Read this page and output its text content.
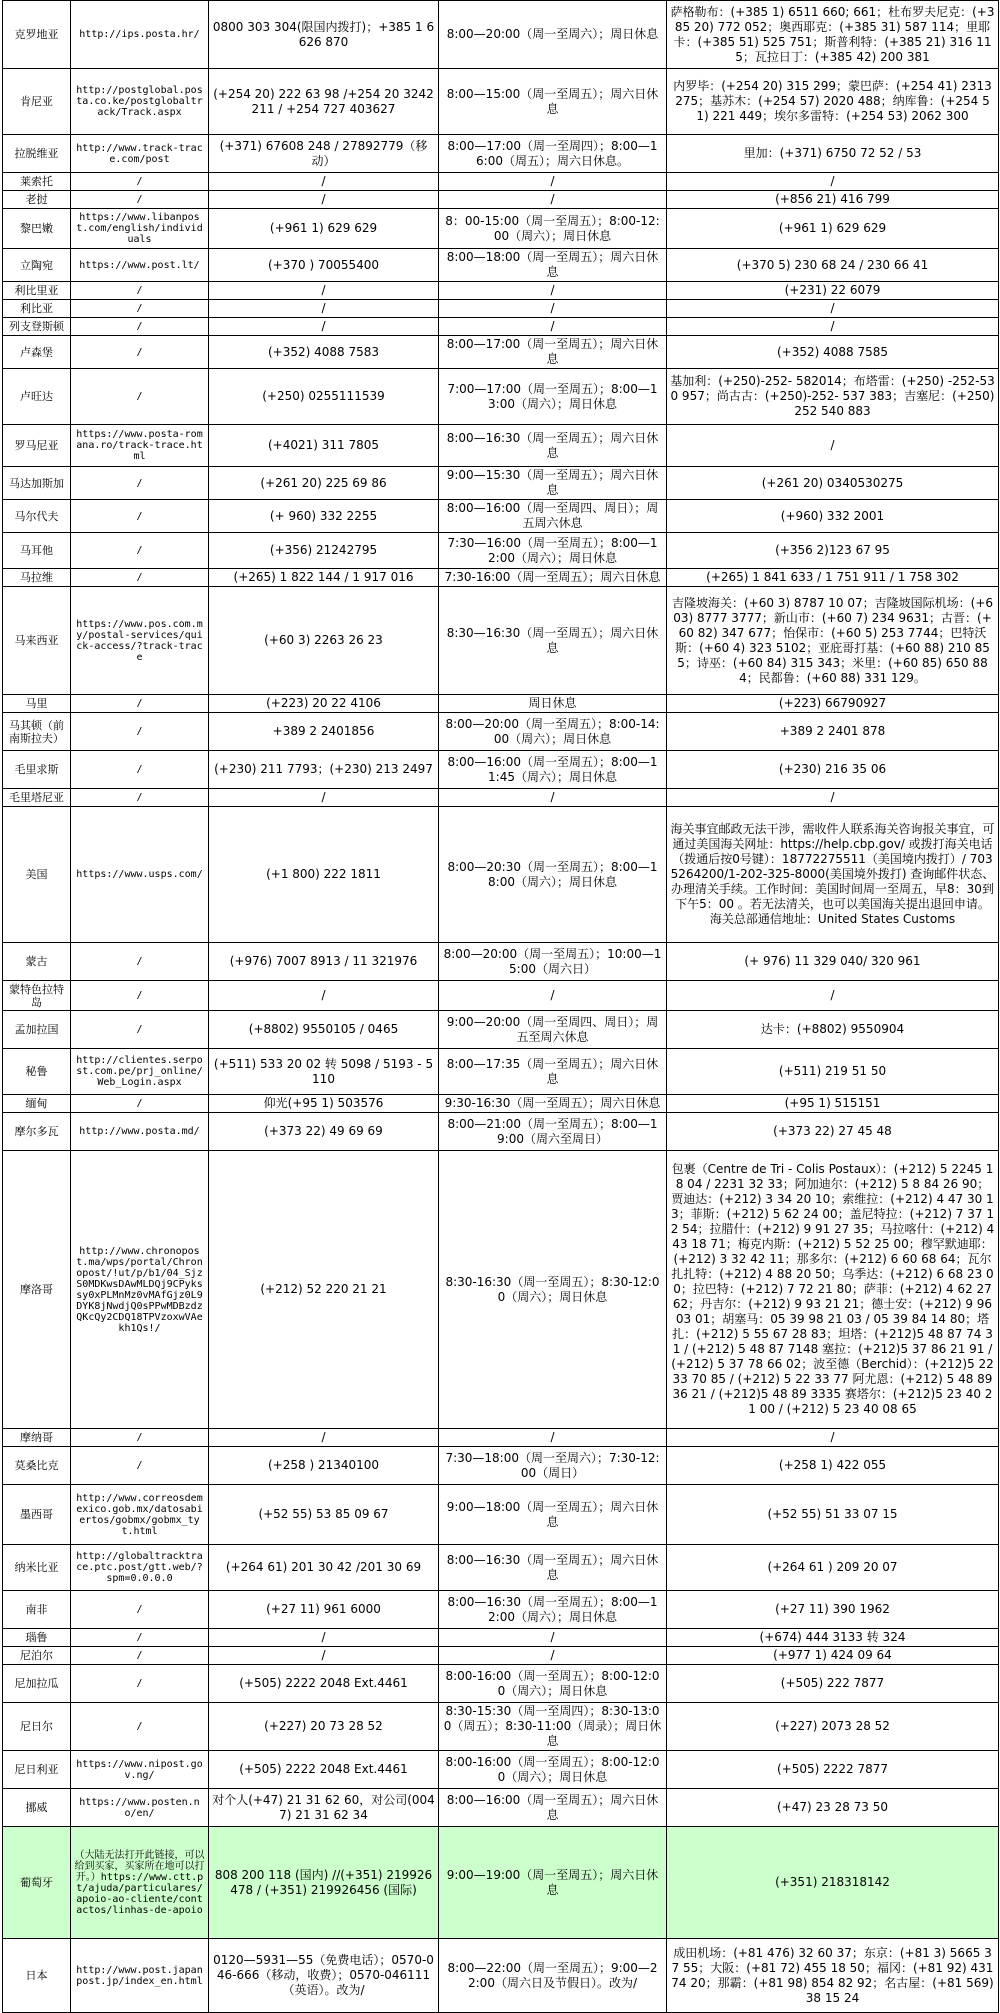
克罗地亚	http://ips.posta.hr/	0800 303 304(限国内拨打)；+385 1 6626 870	8:00—20:00（周一至周六）；周日休息	萨格勒布：(+385 1) 6511 660; 661；杜布罗夫尼克：(+385 20) 772 052；奥西耶克：(+385 31) 587 114；里耶卡：(+385 51) 525 751；斯普利特：(+385 21) 316 115；瓦拉日丁：(+385 42) 200 381
肯尼亚	http://postglobal.posta.co.ke/postglobaltrack/Track.aspx	(+254 20) 222 63 98 /+254 20 3242211 / +254 727 403627	8:00—15:00（周一至周五）；周六日休息	内罗毕：(+254 20) 315 299；蒙巴萨：(+254 41) 2313 275；基苏木：(+254 57) 2020 488；纳库鲁：(+254 51) 221 449；埃尔多雷特：(+254 53) 2062 300
拉脱维亚	http://www.track-trace.com/post	(+371) 67608 248 / 27892779（移动）	8:00—17:00（周一至周四）；8:00—16:00（周五）；周六日休息。	里加：(+371) 6750 72 52 / 53
莱索托	/	/	/	/
老挝	/	/	/	(+856 21) 416 799
黎巴嫩	https://www.libanpost.com/english/individuals	(+961 1) 629 629	8：00-15:00（周一至周五）；8:00-12:00（周六）；周日休息	(+961 1) 629 629
立陶宛	https://www.post.lt/	(+370 ) 70055400	8:00—18:00（周一至周五）；周六日休息	(+370 5) 230 68 24 / 230 66 41
利比里亚	/	/	/	(+231) 22 6079
利比亚	/	/	/	/
列支登斯顿	/	/	/	/
卢森堡	/	(+352) 4088 7583	8:00—17:00（周一至周五）；周六日休息	(+352) 4088 7585
卢旺达	/	(+250) 0255111539	7:00—17:00（周一至周五）；8:00—13:00（周六）；周日休息	基加利：(+250)-252- 582014；布塔雷：(+250) -252-530 957；尚古古：(+250)-252- 537 383；吉塞尼：(+250) 252 540 883
罗马尼亚	https://www.posta-romana.ro/track-trace.html	(+4021) 311 7805	8:00—16:30（周一至周五）；周六日休息	/
马达加斯加	/	(+261 20) 225 69 86	9:00—15:30（周一至周五）；周六日休息	(+261 20) 0340530275
马尔代夫	/	(+ 960) 332 2255	8:00—16:00（周一至周四、周日）；周五周六休息	(+960) 332 2001
马耳他	/	(+356) 21242795	7:30—16:00（周一至周五）；8:00—12:00（周六）；周日休息	(+356 2)123 67 95
马拉维	/	(+265) 1 822 144 / 1 917 016	7:30-16:00（周一至周五）；周六日休息	(+265) 1 841 633 / 1 751 911 / 1 758 302
马来西亚	https://www.pos.com.my/postal-services/quick-access/?track-trace	(+60 3) 2263 26 23	8:30—16:30（周一至周五）；周六日休息	吉隆坡海关：(+60 3) 8787 10 07；吉隆坡国际机场：(+603) 8777 3777；新山市：(+60 7) 234 9631；古晋：(+60 82) 347 677；怡保市：(+60 5) 253 7744；巴特沃斯：(+60 4) 323 5102；亚庇哥打基：(+60 88) 210 855；诗巫：(+60 84) 315 343；米里：(+60 85) 650 884；民都鲁：(+60 88) 331 129。
马里	/	(+223) 20 22 4106	周日休息	(+223) 66790927
马其顿（前南斯拉夫）	/	+389 2 2401856	8:00—20:00（周一至周五）；8:00-14:00（周六）；周日休息	+389 2 2401 878
毛里求斯	/	(+230) 211 7793；(+230) 213 2497	8:00—16:00（周一至周五）；8:00—11:45（周六）；周日休息	(+230) 216 35 06
毛里塔尼亚	/	/	/	/
美国	https://www.usps.com/	(+1 800) 222 1811	8:00—20:30（周一至周五）；8:00—18:00（周六）；周日休息	海关事宜邮政无法干涉，需收件人联系海关咨询报关事宜，可通过美国海关网址：https://help.cbp.gov/ 或拨打海关电话（拨通后按0号键）：18772275511（美国境内拨打）/ 7035264200/1-202-325-8000(美国境外拨打) 查询邮件状态、办理清关手续。工作时间：美国时间周一至周五，早8：30到下午5：00 。若无法清关，也可以美国海关提出退回申请。海关总部通信地址：United States Customs
蒙古	/	(+976) 7007 8913 / 11 321976	8:00—20:00（周一至周五）；10:00—15:00（周六日）	(+ 976) 11 329 040/ 320 961
蒙特色拉特岛	/	/	/	/
孟加拉国	/	(+8802) 9550105 / 0465	9:00—20:00（周一至周四、周日）；周五至周六休息	达卡：(+8802) 9550904
秘鲁	http://clientes.serpost.com.pe/prj_online/Web_Login.aspx	(+511) 533 20 02 转 5098 / 5193 - 5110	8:00—17:35（周一至周五）；周六日休息	(+511) 219 51 50
缅甸	/	仰光(+95 1) 503576	9:30-16:30（周一至周五）；周六日休息	(+95 1) 515151
摩尔多瓦	http://www.posta.md/	(+373 22) 49 69 69	8:00—21:00（周一至周五）；8:00—19:00（周六至周日）	(+373 22) 27 45 48
摩洛哥	http://www.chronopost.ma/wps/portal/Chronopost/!ut/p/b1/04_SjzS0MDKwsDAwMLDQj9CPykssy0xPLMnMz0vMAfGjz0L9DYK8jNwdjQ0sPPwMDBzdzQKcQy2CDQ18TPVzoxwVAekh1Qs!/	(+212) 52 220 21 21	8:30-16:30（周一至周五）；8:30-12:00（周六）；周日休息	包裹（Centre de Tri - Colis Postaux）：(+212) 5 2245 18 04 / 2231 32 33；阿加迪尔：(+212) 5 8 84 26 90；贾迪达：(+212) 3 34 20 10；索维拉：(+212) 4 47 30 13；菲斯：(+212) 5 62 24 00；盖尼特拉：(+212) 7 37 12 54；拉腊什：(+212) 9 91 27 35；马拉喀什：(+212) 4 43 18 71；梅克内斯：(+212) 5 52 25 00；穆罕默迪耶：(+212) 3 32 42 11；那多尔：(+212) 6 60 68 64；瓦尔扎扎特：(+212) 4 88 20 50；乌季达：(+212) 6 68 23 00；拉巴特：(+212) 7 72 21 80；萨菲：(+212) 4 62 27 62；丹吉尔：(+212) 9 93 21 21；德士安：(+212) 9 96 03 01；胡塞马：05 39 98 21 03 / 05 39 84 14 80；塔扎：(+212) 5 55 67 28 83；坦塔：(+212)5 48 87 74 31 / (+212) 5 48 87 7148 塞拉：(+212)5 37 86 21 91 / (+212) 5 37 78 66 02；波至德（Berchid）：(+212)5 22 33 70 85 / (+212) 5 22 33 77 阿尤恩：(+212) 5 48 89 36 21 / (+212)5 48 89 3335 赛塔尔：(+212)5 23 40 21 00 / (+212) 5 23 40 08 65
摩纳哥	/	/	/	/
莫桑比克	/	(+258 ) 21340100	7:30—18:00（周一至周六）；7:30-12:00（周日）	(+258 1) 422 055
墨西哥	http://www.correosdemexico.gob.mx/datosabiertos/gobmx/gobmx_tyt.html	(+52 55) 53 85 09 67	9:00—18:00（周一至周五）；周六日休息	(+52 55) 51 33 07 15
纳米比亚	http://globaltracktrace.ptc.post/gtt.web/?spm=0.0.0.0	(+264 61) 201 30 42 /201 30 69	8:00—16:30（周一至周五）；周六日休息	(+264 61 ) 209 20 07
南非	/	(+27 11) 961 6000	8:00—16:30（周一至周五）；8:00—12:00（周六）；周日休息	(+27 11) 390 1962
瑙鲁	/	/	/	(+674) 444 3133 转 324
尼泊尔	/	/	/	(+977 1) 424 09 64
尼加拉瓜	/	(+505) 2222 2048 Ext.4461	8:00-16:00（周一至周五）；8:00-12:00（周六）；周日休息	(+505) 222 7877
尼日尔	/	(+227) 20 73 28 52	8:30-15:30（周一至周四）；8:30-13:00（周五）；8:30-11:00（周录）；周日休息	(+227) 2073 28 52
尼日利亚	https://www.nipost.gov.ng/	(+505) 2222 2048 Ext.4461	8:00-16:00（周一至周五）；8:00-12:00（周六）；周日休息	(+505) 2222 7877
挪威	https://www.posten.no/en/	对个人(+47) 21 31 62 60，对公司(0047) 21 31 62 34	8:00—16:00（周一至周五）；周六日休息	(+47) 23 28 73 50
葡萄牙	（大陆无法打开此链接，可以给到买家，买家所在地可以打开。）https://www.ctt.pt/ajuda/particulares/apoio-ao-cliente/contactos/linhas-de-apoio	808 200 118 (国内) //(+351) 219926478 / (+351) 219926456 (国际)	9:00—19:00（周一至周五）；周六日休息	(+351) 218318142
日本	http://www.post.japanpost.jp/index_en.html	0120—5931—55（免费电话）；0570-046-666（移动，收费）；0570-046111（英语）。改为/	8:00—22:00（周一至周五）；9:00—22:00（周六日及节假日）。改为/	成田机场：(+81 476) 32 60 37；东京：(+81 3) 5665 37 55；大阪：(+81 72) 455 18 50；福冈：(+81 92) 431 74 20；那霸：(+81 98) 854 82 92；名古屋：(+81 569) 38 15 24
